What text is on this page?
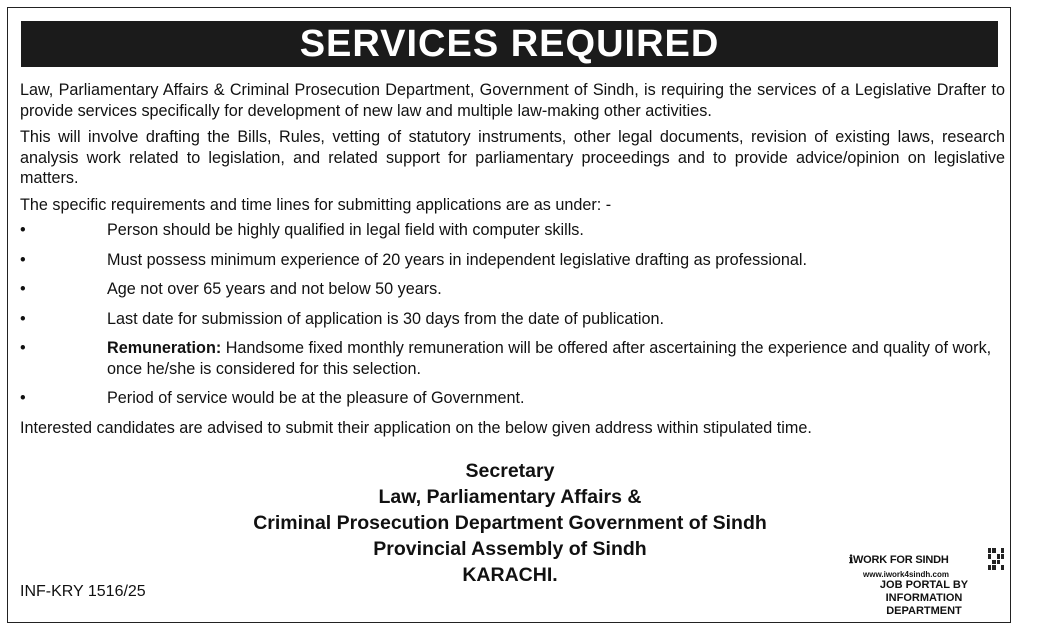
SERVICES REQUIRED

Law, Parliamentary Affairs & Criminal Prosecution Department, Government of Sindh, is requiring the services of a Legislative Drafter to provide services specifically for development of new law and multiple law-making other activities.

This will involve drafting the Bills, Rules, vetting of statutory instruments, other legal documents, revision of existing laws, research analysis work related to legislation, and related support for parliamentary proceedings and to provide advice/opinion on legislative matters.

The specific requirements and time lines for submitting applications are as under: -

•	Person should be highly qualified in legal field with computer skills.
•	Must possess minimum experience of 20 years in independent legislative drafting as professional.
•	Age not over 65 years and not below 50 years.
•	Last date for submission of application is 30 days from the date of publication.
•	Remuneration: Handsome fixed monthly remuneration will be offered after ascertaining the experience and quality of work, once he/she is considered for this selection.
•	Period of service would be at the pleasure of Government.

Interested candidates are advised to submit their application on the below given address within stipulated time.

Secretary
Law, Parliamentary Affairs &
Criminal Prosecution Department Government of Sindh
Provincial Assembly of Sindh
KARACHI.
INF-KRY 1516/25
ℹWORK FOR SINDH
www.iwork4sindh.com
JOB PORTAL BY
INFORMATION DEPARTMENT
